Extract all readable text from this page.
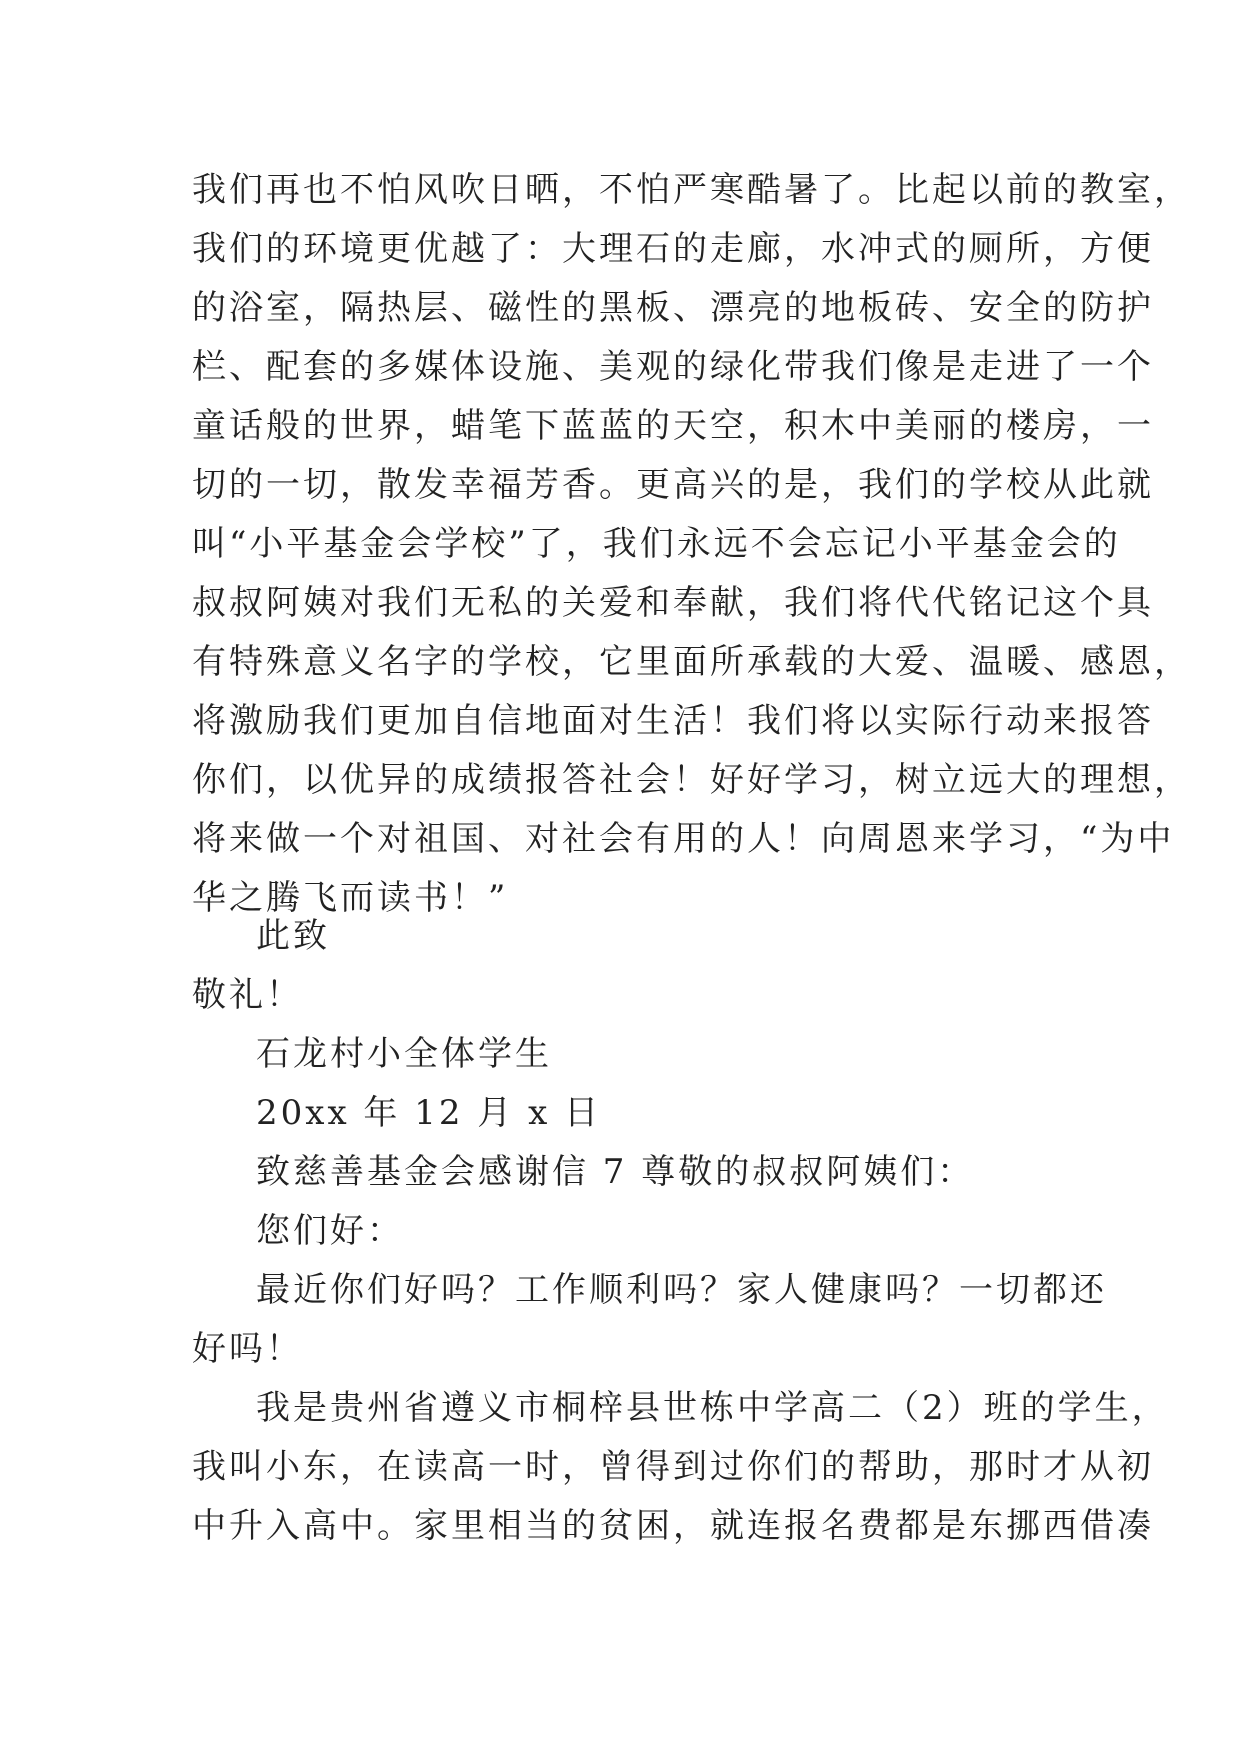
我们再也不怕风吹日晒，不怕严寒酷暑了。比起以前的教室，
我们的环境更优越了：大理石的走廊，水冲式的厕所，方便
的浴室，隔热层、磁性的黑板、漂亮的地板砖、安全的防护
栏、配套的多媒体设施、美观的绿化带我们像是走进了一个
童话般的世界，蜡笔下蓝蓝的天空，积木中美丽的楼房，一
切的一切，散发幸福芳香。更高兴的是，我们的学校从此就
叫“小平基金会学校”了，我们永远不会忘记小平基金会的
叔叔阿姨对我们无私的关爱和奉献，我们将代代铭记这个具
有特殊意义名字的学校，它里面所承载的大爱、温暖、感恩，
将激励我们更加自信地面对生活！我们将以实际行动来报答
你们，以优异的成绩报答社会！好好学习，树立远大的理想，
将来做一个对祖国、对社会有用的人！向周恩来学习，“为中
华之腾飞而读书！”
此致
敬礼！
石龙村小全体学生
20xx 年 12 月 x 日
致慈善基金会感谢信 7 尊敬的叔叔阿姨们：
您们好：
最近你们好吗？工作顺利吗？家人健康吗？一切都还
好吗！
我是贵州省遵义市桐梓县世栋中学高二（2）班的学生，
我叫小东，在读高一时，曾得到过你们的帮助，那时才从初
中升入高中。家里相当的贫困，就连报名费都是东挪西借凑
